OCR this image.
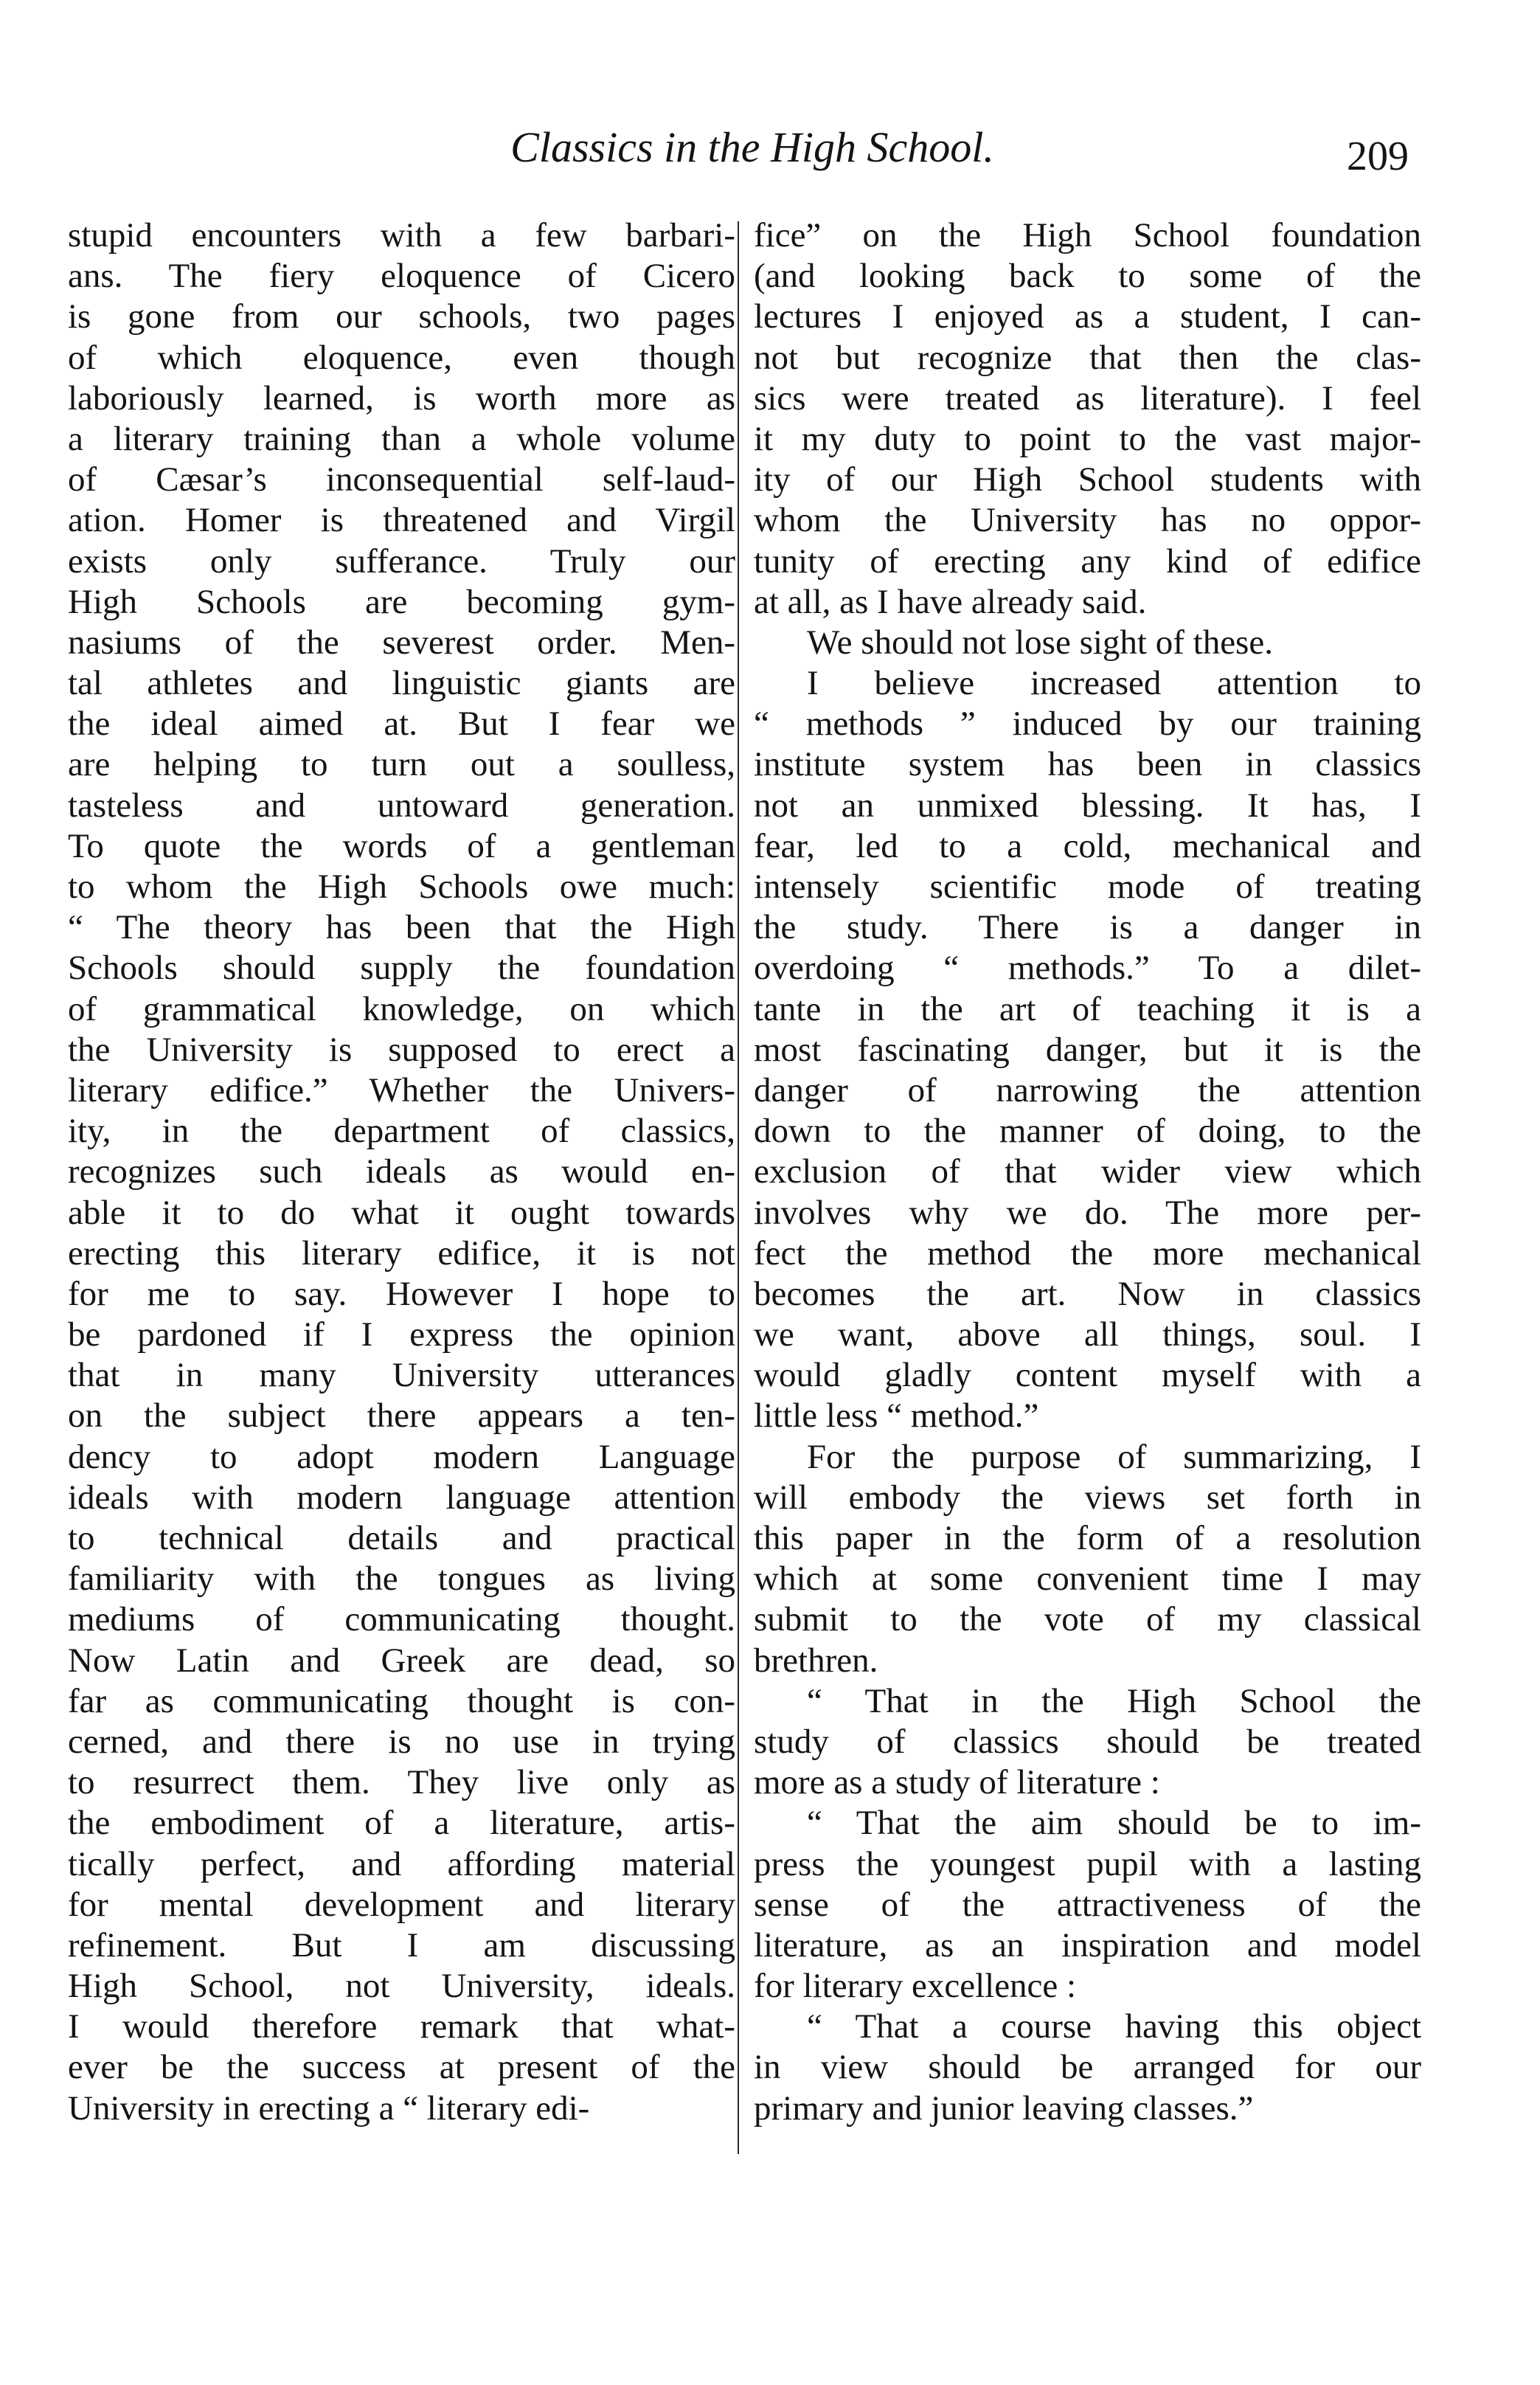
Classics in the High School.	209
stupid encounters with a few barbari-
ans. The fiery eloquence of Cicero
is gone from our schools, two pages
of which eloquence, even though
laboriously learned, is worth more as
a literary training than a whole volume
of Cæsar’s inconsequential self-laud-
ation. Homer is threatened and Virgil
exists only sufferance. Truly our
High Schools are becoming gym-
nasiums of the severest order. Men-
tal athletes and linguistic giants are
the ideal aimed at. But I fear we
are helping to turn out a soulless,
tasteless and untoward generation.
To quote the words of a gentleman
to whom the High Schools owe much:
“ The theory has been that the High
Schools should supply the foundation
of grammatical knowledge, on which
the University is supposed to erect a
literary edifice.” Whether the Univers-
ity, in the department of classics,
recognizes such ideals as would en-
able it to do what it ought towards
erecting this literary edifice, it is not
for me to say. However I hope to
be pardoned if I express the opinion
that in many University utterances
on the subject there appears a ten-
dency to adopt modern Language
ideals with modern language attention
to technical details and practical
familiarity with the tongues as living
mediums of communicating thought.
Now Latin and Greek are dead, so
far as communicating thought is con-
cerned, and there is no use in trying
to resurrect them. They live only as
the embodiment of a literature, artis-
tically perfect, and affording material
for mental development and literary
refinement. But I am discussing
High School, not University, ideals.
I would therefore remark that what-
ever be the success at present of the
University in erecting a “ literary edi-
fice” on the High School foundation
(and looking back to some of the
lectures I enjoyed as a student, I can-
not but recognize that then the clas-
sics were treated as literature). I feel
it my duty to point to the vast major-
ity of our High School students with
whom the University has no oppor-
tunity of erecting any kind of edifice
at all, as I have already said.
We should not lose sight of these.
I believe increased attention to
“ methods ” induced by our training
institute system has been in classics
not an unmixed blessing. It has, I
fear, led to a cold, mechanical and
intensely scientific mode of treating
the study. There is a danger in
overdoing “ methods.” To a dilet-
tante in the art of teaching it is a
most fascinating danger, but it is the
danger of narrowing the attention
down to the manner of doing, to the
exclusion of that wider view which
involves why we do. The more per-
fect the method the more mechanical
becomes the art. Now in classics
we want, above all things, soul. I
would gladly content myself with a
little less “ method.”
For the purpose of summarizing, I
will embody the views set forth in
this paper in the form of a resolution
which at some convenient time I may
submit to the vote of my classical
brethren.
“ That in the High School the
study of classics should be treated
more as a study of literature :
“ That the aim should be to im-
press the youngest pupil with a lasting
sense of the attractiveness of the
literature, as an inspiration and model
for literary excellence :
“ That a course having this object
in view should be arranged for our
primary and junior leaving classes.”
